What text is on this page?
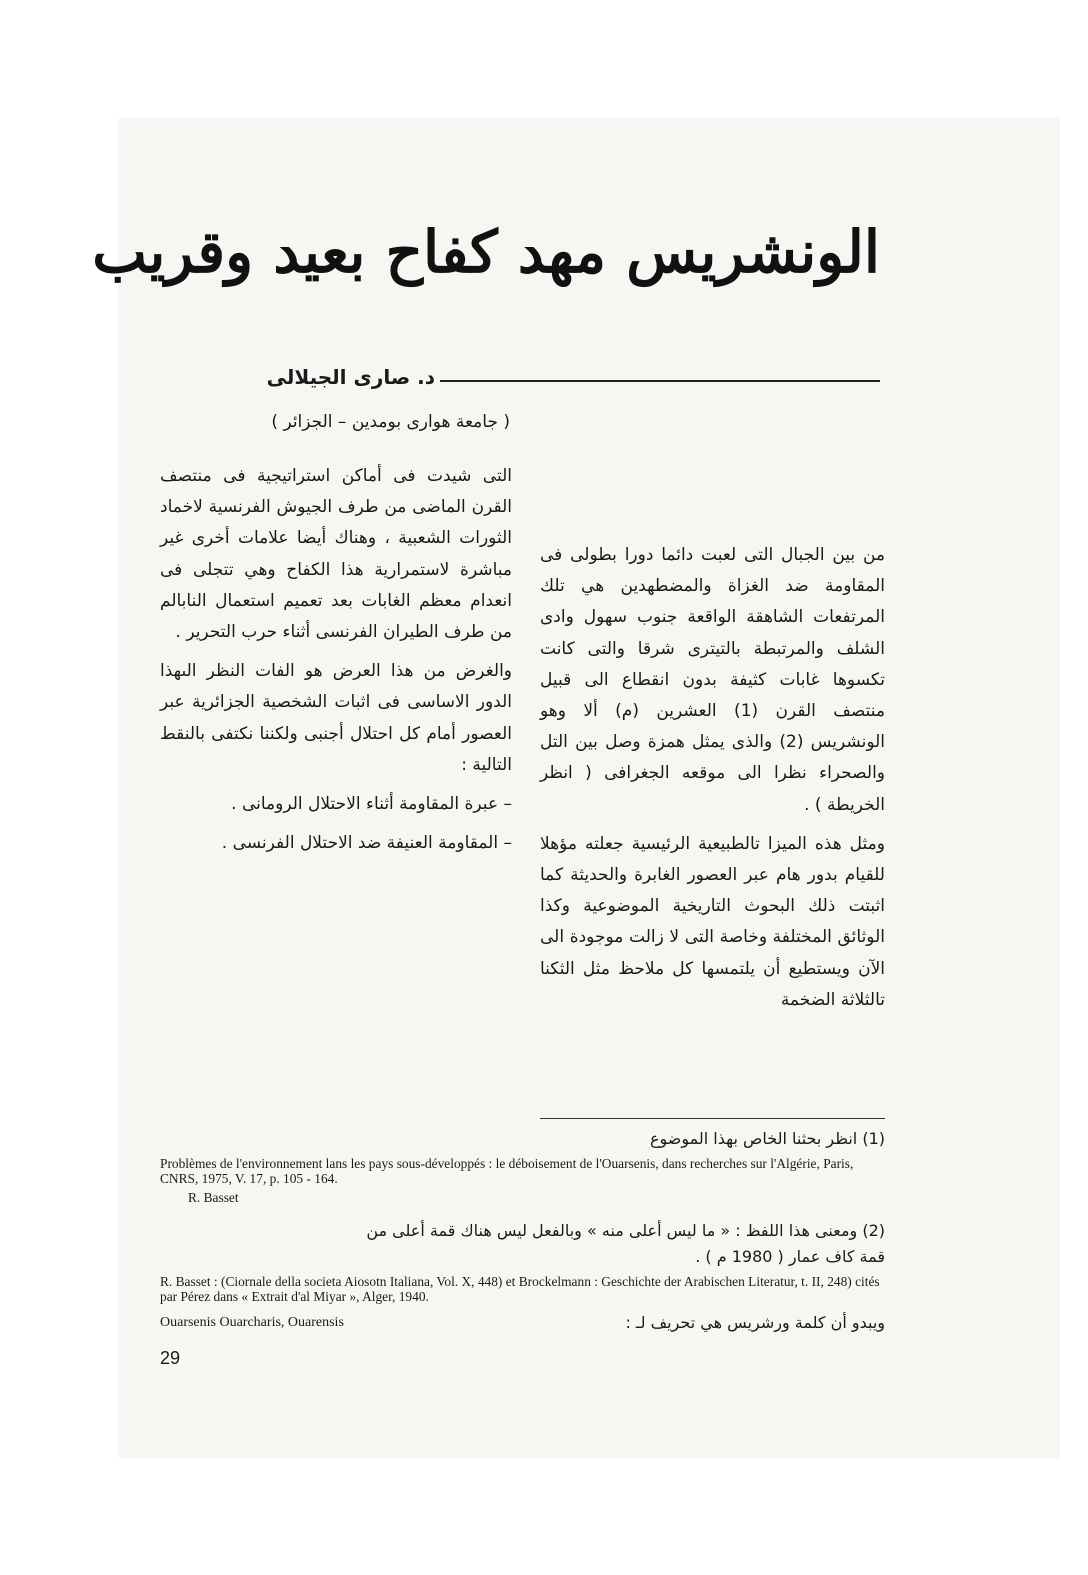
الونشريس مهد كفاح بعيد وقريب
د. صارى الجيلالى
( جامعة هوارى بومدين – الجزائر )

التى شيدت فى أماكن استراتيجية فى منتصف القرن الماضى من طرف الجيوش الفرنسية لاخماد الثورات الشعبية ، وهناك أيضا علامات أخرى غير مباشرة لاستمرارية هذا الكفاح وهي تتجلى فى انعدام معظم الغابات بعد تعميم استعمال النابالم من طرف الطيران الفرنسى أثناء حرب التحرير .

والغرض من هذا العرض هو الفات النظر الىهذا الدور الاساسى فى اثبات الشخصية الجزائرية عبر العصور أمام كل احتلال أجنبى ولكننا نكتفى بالنقط التالية :

– عبرة المقاومة أثناء الاحتلال الرومانى .

– المقاومة العنيفة ضد الاحتلال الفرنسى .

من بين الجبال التى لعبت دائما دورا بطولى فى المقاومة ضد الغزاة والمضطهدين هي تلك المرتفعات الشاهقة الواقعة جنوب سهول وادى الشلف والمرتبطة بالتيترى شرقا والتى كانت تكسوها غابات كثيفة بدون انقطاع الى قبيل منتصف القرن (1) العشرين (م) ألا وهو الونشريس (2) والذى يمثل همزة وصل بين التل والصحراء نظرا الى موقعه الجغرافى ( انظر الخريطة ) .

ومثل هذه الميزا تالطبيعية الرئيسية جعلته مؤهلا للقيام بدور هام عبر العصور الغابرة والحديثة كما اثبتت ذلك البحوث التاريخية الموضوعية وكذا الوثائق المختلفة وخاصة التى لا زالت موجودة الى الآن ويستطيع أن يلتمسها كل ملاحظ مثل الثكنا تالثلاثة الضخمة

(1) انظر بحثنا الخاص بهذا الموضوع
Problèmes de l'environnement lans les pays sous-développés : le déboisement de l'Ouarsenis, dans recherches sur l'Algérie, Paris, CNRS, 1975, V. 17, p. 105 - 164.
R. Basset
(2) ومعنى هذا اللفظ : « ما ليس أعلى منه » وبالفعل ليس هناك قمة أعلى من
قمة كاف عمار ( 1980 م ) .
R. Basset : (Ciornale della societa Aiosotn Italiana, Vol. X, 448) et Brockelmann : Geschichte der Arabischen Literatur, t. II, 248) cités par Pérez dans « Extrait d'al Miyar », Alger, 1940.
ويبدو أن كلمة ورشريس هي تحريف لـ :
Ouarsenis Ouarcharis, Ouarensis
29
